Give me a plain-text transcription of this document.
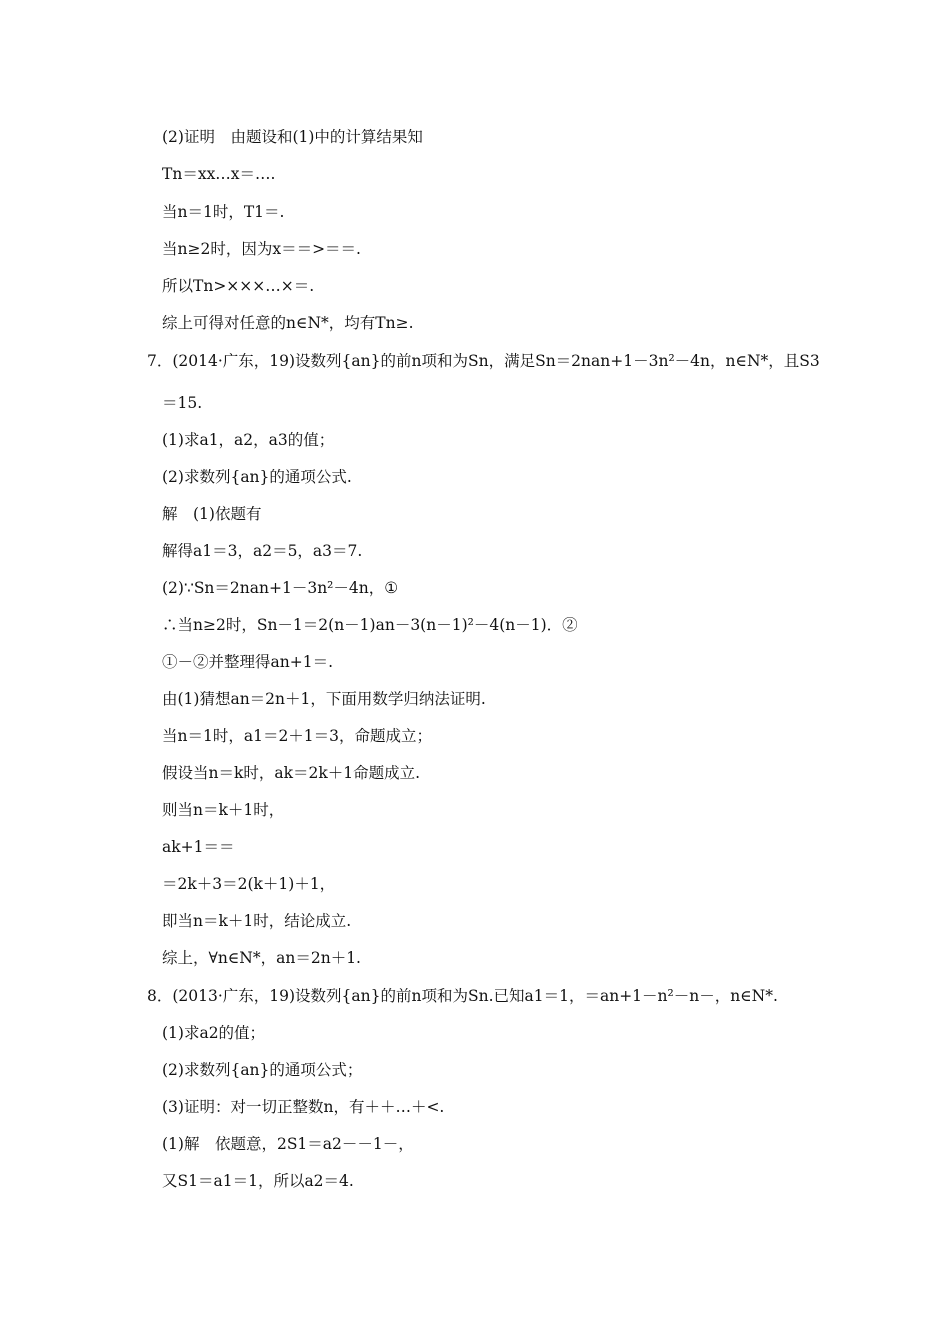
(2)证明　由题设和(1)中的计算结果知
Tn＝xx…x＝….
当n＝1时，T1＝.
当n≥2时，因为x＝＝>＝＝.
所以Tn>×××…×＝.
综上可得对任意的n∈N*，均有Tn≥.
7．(2014·广东，19)设数列{an}的前n项和为Sn，满足Sn＝2nan+1－3n²－4n，n∈N*，且S3
＝15.
(1)求a1，a2，a3的值；
(2)求数列{an}的通项公式.
解　(1)依题有
解得a1＝3，a2＝5，a3＝7.
(2)∵Sn＝2nan+1－3n²－4n，①
∴当n≥2时，Sn－1＝2(n－1)an－3(n－1)²－4(n－1)．②
①－②并整理得an+1＝.
由(1)猜想an＝2n＋1，下面用数学归纳法证明.
当n＝1时，a1＝2＋1＝3，命题成立；
假设当n＝k时，ak＝2k＋1命题成立.
则当n＝k＋1时，
ak+1＝＝
＝2k＋3＝2(k＋1)＋1，
即当n＝k＋1时，结论成立.
综上，∀n∈N*，an＝2n＋1.
8．(2013·广东，19)设数列{an}的前n项和为Sn.已知a1＝1，＝an+1－n²－n－，n∈N*.
(1)求a2的值；
(2)求数列{an}的通项公式；
(3)证明：对一切正整数n，有＋＋…＋<.
(1)解　依题意，2S1＝a2－－1－，
又S1＝a1＝1，所以a2＝4.
